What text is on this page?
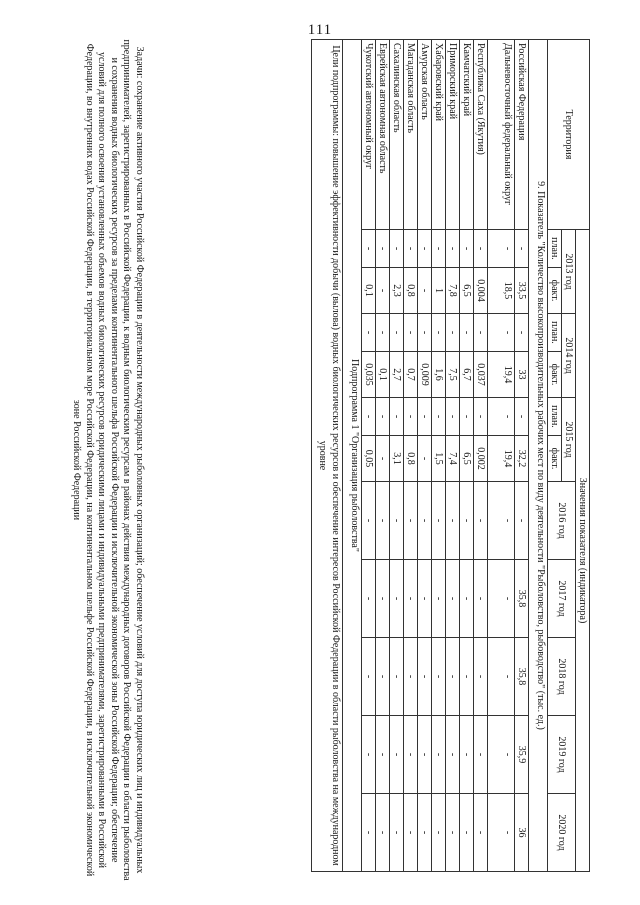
111
Территория	Значения показателя (индикатора)										
	2013 год		2014 год		2015 год		2016 год	2017 год	2018 год	2019 год	2020 год
	план.	факт.	план.	факт.	план.	факт.					
9. Показатель "Количество высокопроизводительных рабочих мест по виду деятельности "Рыболовство, рыбоводство" (тыс. ед.)											
Российская Федерация	-	33,5	-	33	-	32,2	-	35,8	35,8	35,9	36
Дальневосточный федеральный округ	-	18,5	-	19,4	-	19,4	-	-	-	-	-
Республика Саха (Якутия)	-	0,004	-	0,037	-	0,002	-	-	-	-	-
Камчатский край	-	6,5	-	6,7	-	6,5	-	-	-	-	-
Приморский край	-	7,8	-	7,5	-	7,4	-	-	-	-	-
Хабаровский край	-	1	-	1,6	-	1,5	-	-	-	-	-
Амурская область	-	-	-	0,009	-	-	-	-	-	-	-
Магаданская область	-	0,8	-	0,7	-	0,8	-	-	-	-	-
Сахалинская область	-	2,3	-	2,7	-	3,1	-	-	-	-	-
Еврейская автономная область	-	-	-	0,1	-	-	-	-	-	-	-
Чукотский автономный округ	-	0,1	-	0,035	-	0,05	-	-	-	-	-
Подпрограмма 1 "Организация рыболовства"											
Цели подпрограммы: повышение эффективности добычи (вылова) водных биологических ресурсов и обеспечение интересов Российской Федерации в области рыболовства на международном уровне											
Задачи: сохранение активного участия Российской Федерации в деятельности международных рыболовных организаций; обеспечение условий для доступа юридических лиц и индивидуальных предпринимателей, зарегистрированных в Российской Федерации, к водным биологическим ресурсам в районах действия международных договоров Российской Федерации в области рыболовства и сохранения водных биологических ресурсов за пределами континентального шельфа Российской Федерации и исключительной экономической зоны Российской Федерации; обеспечение условий для полного освоения установленных объемов водных биологических ресурсов юридическими лицами и индивидуальными предпринимателями, зарегистрированными в Российской Федерации, во внутренних водах Российской Федерации, в территориальном море Российской Федерации, на континентальном шельфе Российской Федерации, в исключительной экономической зоне Российской Федерации
